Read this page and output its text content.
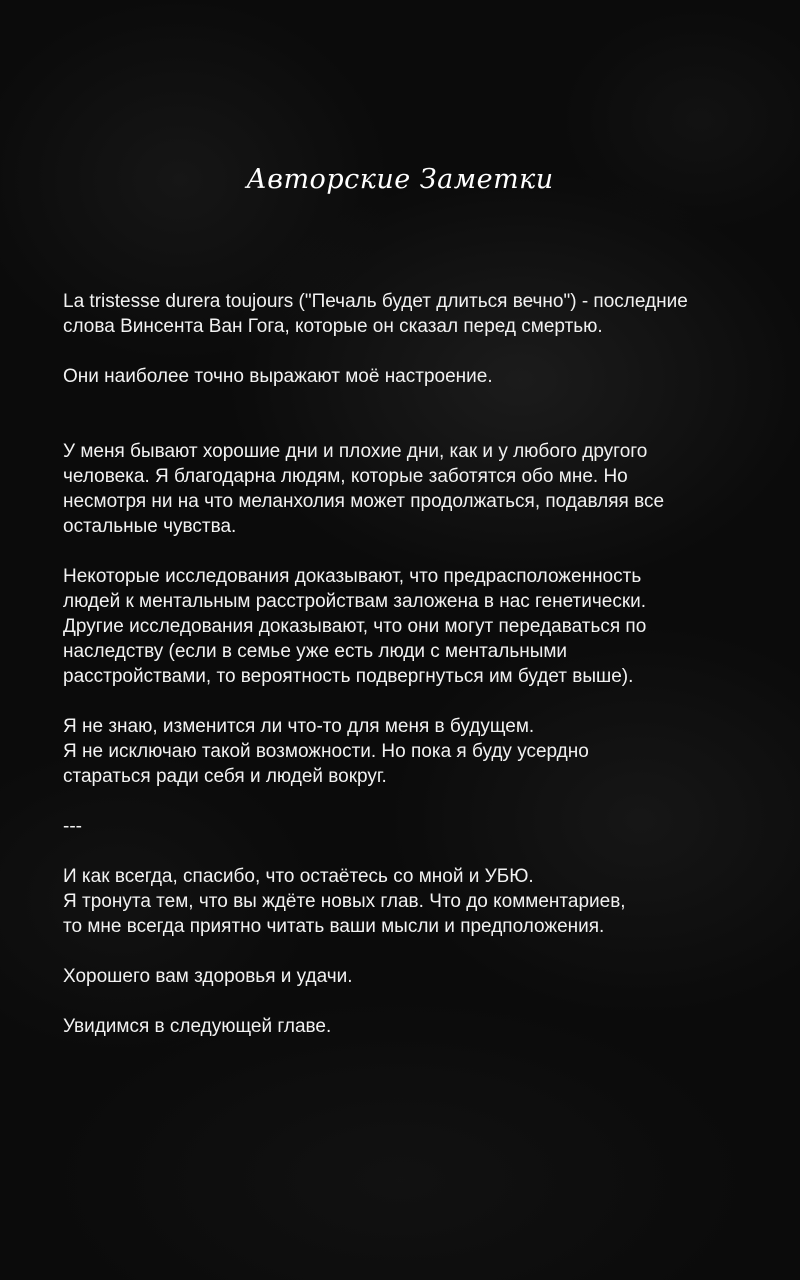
Авторские Заметки

La tristesse durera toujours ("Печаль будет длиться вечно") - последние
слова Винсента Ван Гога, которые он сказал перед смертью.

Они наиболее точно выражают моё настроение.

У меня бывают хорошие дни и плохие дни, как и у любого другого
человека. Я благодарна людям, которые заботятся обо мне. Но
несмотря ни на что меланхолия может продолжаться, подавляя все
остальные чувства.

Некоторые исследования доказывают, что предрасположенность
людей к ментальным расстройствам заложена в нас генетически.
Другие исследования доказывают, что они могут передаваться по
наследству (если в семье уже есть люди с ментальными
расстройствами, то вероятность подвергнуться им будет выше).

Я не знаю, изменится ли что-то для меня в будущем.
Я не исключаю такой возможности. Но пока я буду усердно
стараться ради себя и людей вокруг.

---

И как всегда, спасибо, что остаётесь со мной и УБЮ.
Я тронута тем, что вы ждёте новых глав. Что до комментариев,
то мне всегда приятно читать ваши мысли и предположения.

Хорошего вам здоровья и удачи.

Увидимся в следующей главе.
